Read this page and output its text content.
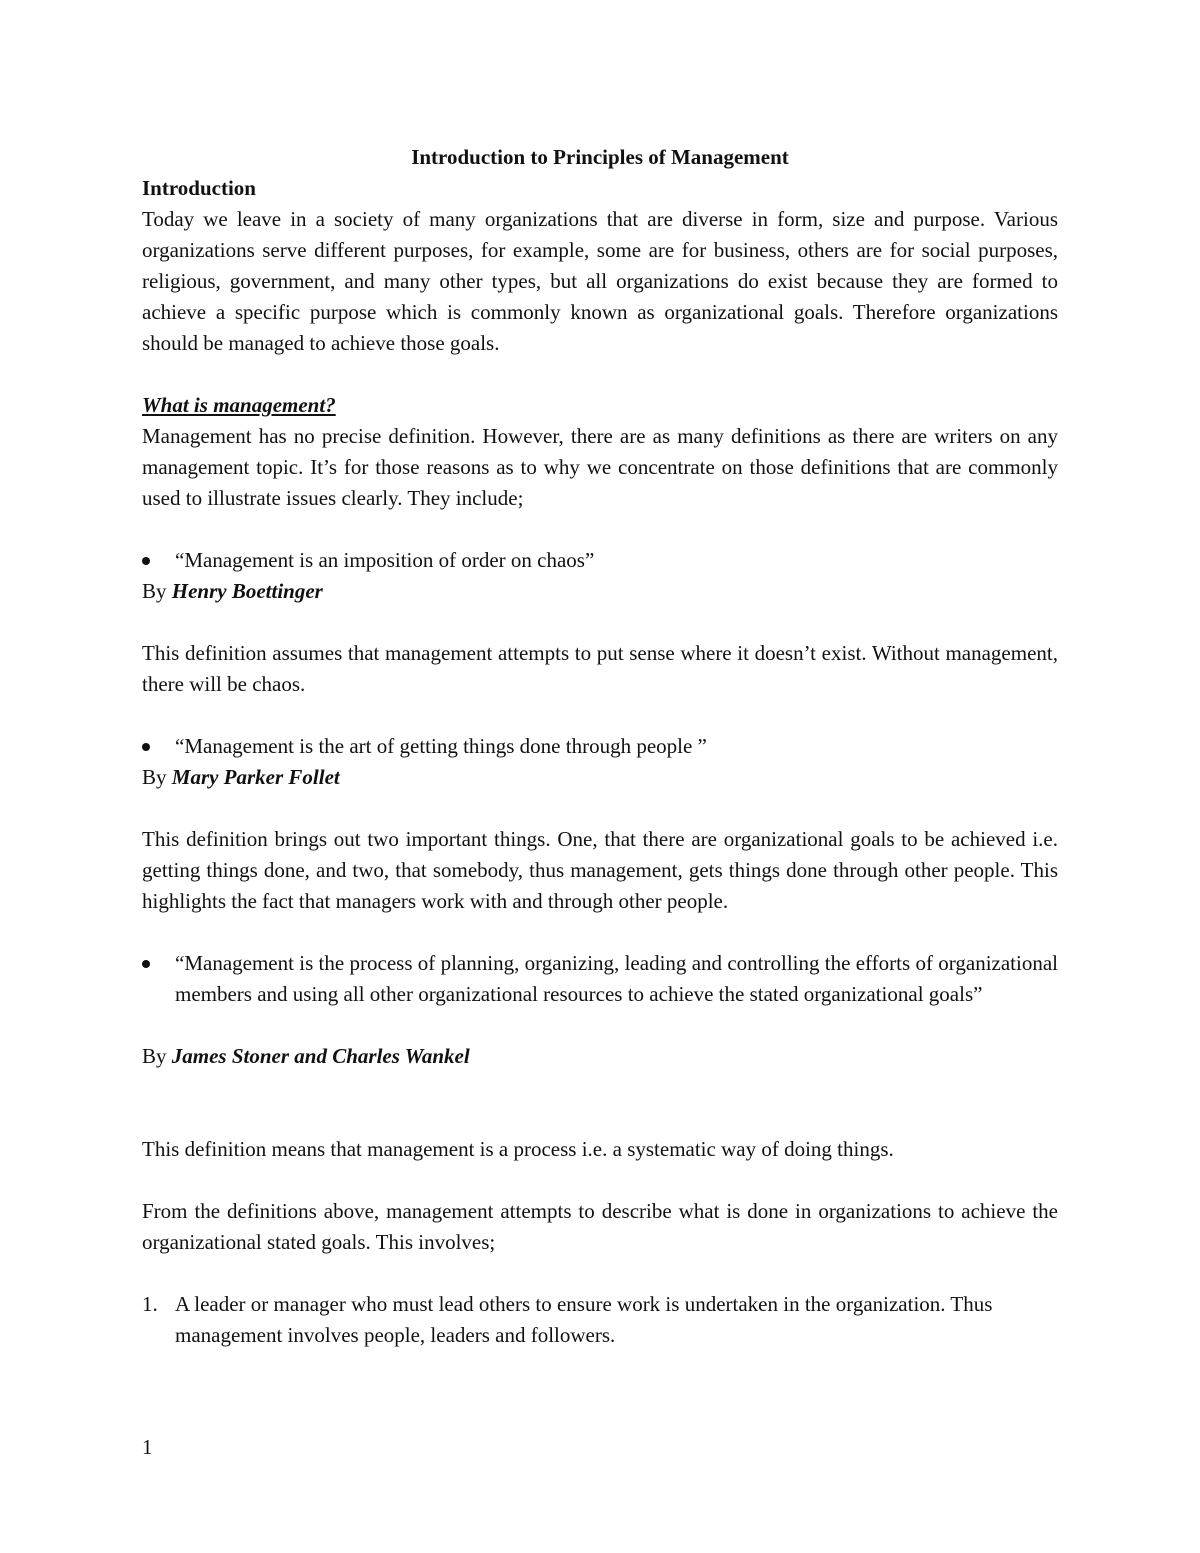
Introduction to Principles of Management

Introduction

Today we leave in a society of many organizations that are diverse in form, size and purpose. Various organizations serve different purposes, for example, some are for business, others are for social purposes, religious, government, and many other types, but all organizations do exist because they are formed to achieve a specific purpose which is commonly known as organizational goals. Therefore organizations should be managed to achieve those goals.

What is management?

Management has no precise definition. However, there are as many definitions as there are writers on any management topic. It’s for those reasons as to why we concentrate on those definitions that are commonly used to illustrate issues clearly. They include;

“Management is an imposition of order on chaos”

By Henry Boettinger

This definition assumes that management attempts to put sense where it doesn’t exist. Without management, there will be chaos.

“Management is the art of getting things done through people ”

By Mary Parker Follet

This definition brings out two important things. One, that there are organizational goals to be achieved i.e. getting things done, and two, that somebody, thus management, gets things done through other people. This highlights the fact that managers work with and through other people.

“Management is the process of planning, organizing, leading and controlling the efforts of organizational members and using all other organizational resources to achieve the stated organizational goals”

By James Stoner and Charles Wankel

This definition means that management is a process i.e. a systematic way of doing things.

From the definitions above, management attempts to describe what is done in organizations to achieve the organizational stated goals. This involves;

1. A leader or manager who must lead others to ensure work is undertaken in the organization. Thus management involves people, leaders and followers.
1
